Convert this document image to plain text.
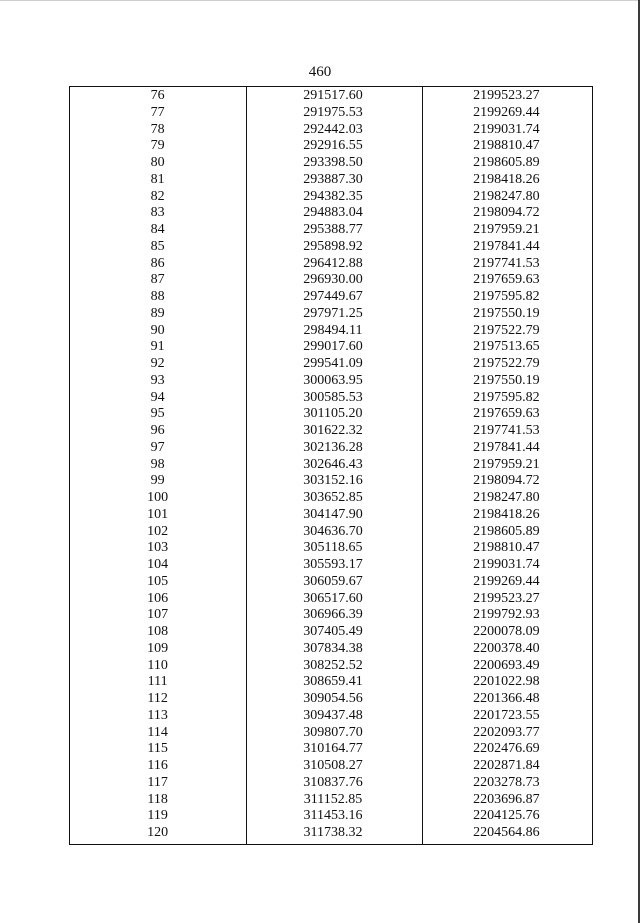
460
76	291517.60	2199523.27
77	291975.53	2199269.44
78	292442.03	2199031.74
79	292916.55	2198810.47
80	293398.50	2198605.89
81	293887.30	2198418.26
82	294382.35	2198247.80
83	294883.04	2198094.72
84	295388.77	2197959.21
85	295898.92	2197841.44
86	296412.88	2197741.53
87	296930.00	2197659.63
88	297449.67	2197595.82
89	297971.25	2197550.19
90	298494.11	2197522.79
91	299017.60	2197513.65
92	299541.09	2197522.79
93	300063.95	2197550.19
94	300585.53	2197595.82
95	301105.20	2197659.63
96	301622.32	2197741.53
97	302136.28	2197841.44
98	302646.43	2197959.21
99	303152.16	2198094.72
100	303652.85	2198247.80
101	304147.90	2198418.26
102	304636.70	2198605.89
103	305118.65	2198810.47
104	305593.17	2199031.74
105	306059.67	2199269.44
106	306517.60	2199523.27
107	306966.39	2199792.93
108	307405.49	2200078.09
109	307834.38	2200378.40
110	308252.52	2200693.49
111	308659.41	2201022.98
112	309054.56	2201366.48
113	309437.48	2201723.55
114	309807.70	2202093.77
115	310164.77	2202476.69
116	310508.27	2202871.84
117	310837.76	2203278.73
118	311152.85	2203696.87
119	311453.16	2204125.76
120	311738.32	2204564.86
